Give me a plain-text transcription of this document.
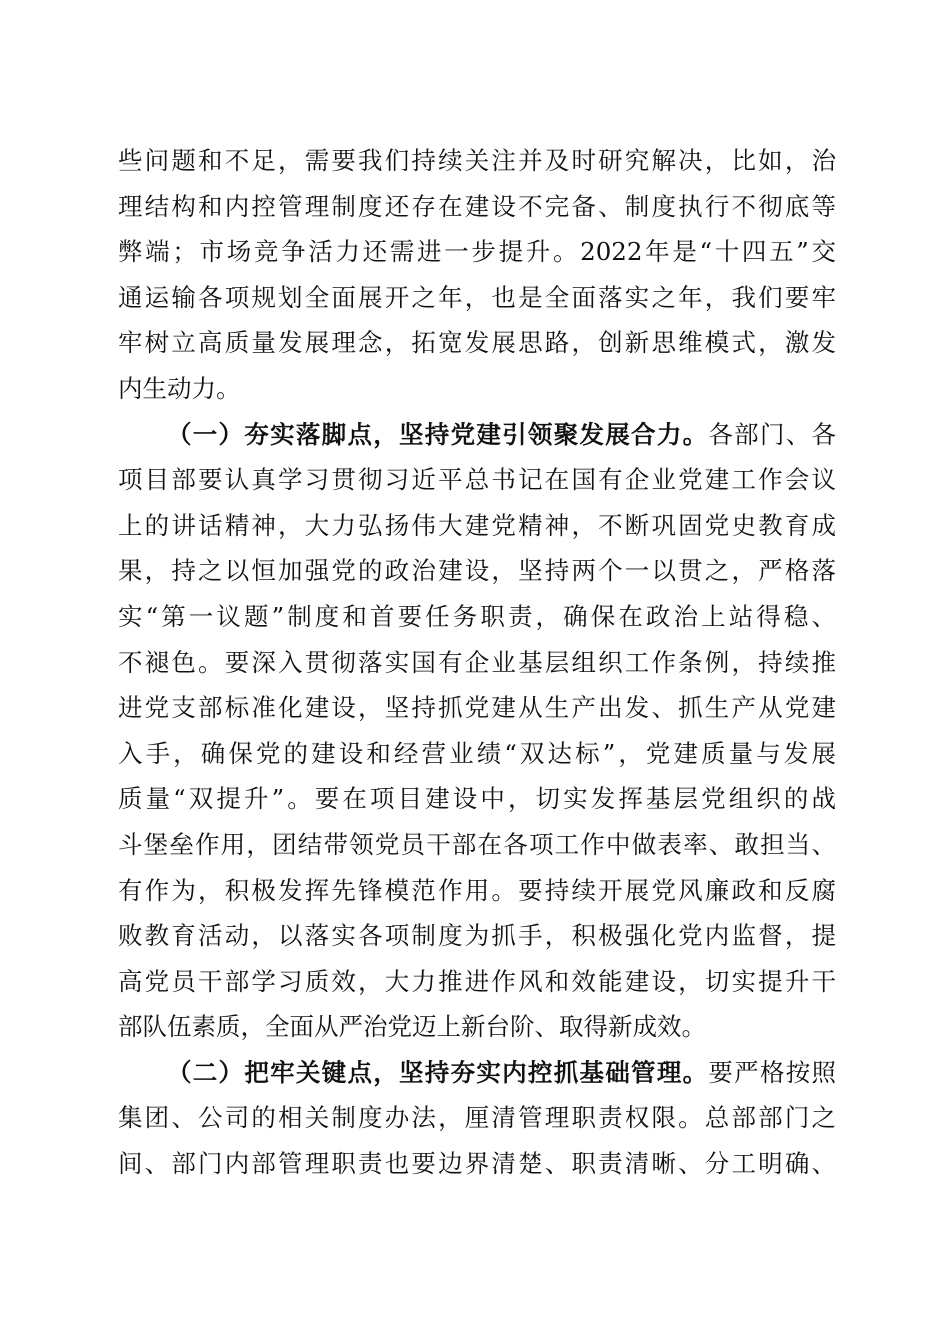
些问题和不足，需要我们持续关注并及时研究解决，比如，治
理结构和内控管理制度还存在建设不完备、制度执行不彻底等
弊端；市场竞争活力还需进一步提升。2022年是“十四五”交
通运输各项规划全面展开之年，也是全面落实之年，我们要牢
牢树立高质量发展理念，拓宽发展思路，创新思维模式，激发
内生动力。
（一）夯实落脚点，坚持党建引领聚发展合力。各部门、各
项目部要认真学习贯彻习近平总书记在国有企业党建工作会议
上的讲话精神，大力弘扬伟大建党精神，不断巩固党史教育成
果，持之以恒加强党的政治建设，坚持两个一以贯之，严格落
实“第一议题”制度和首要任务职责，确保在政治上站得稳、
不褪色。要深入贯彻落实国有企业基层组织工作条例，持续推
进党支部标准化建设，坚持抓党建从生产出发、抓生产从党建
入手，确保党的建设和经营业绩“双达标”，党建质量与发展
质量“双提升”。要在项目建设中，切实发挥基层党组织的战
斗堡垒作用，团结带领党员干部在各项工作中做表率、敢担当、
有作为，积极发挥先锋模范作用。要持续开展党风廉政和反腐
败教育活动，以落实各项制度为抓手，积极强化党内监督，提
高党员干部学习质效，大力推进作风和效能建设，切实提升干
部队伍素质，全面从严治党迈上新台阶、取得新成效。
（二）把牢关键点，坚持夯实内控抓基础管理。要严格按照
集团、公司的相关制度办法，厘清管理职责权限。总部部门之
间、部门内部管理职责也要边界清楚、职责清晰、分工明确、
